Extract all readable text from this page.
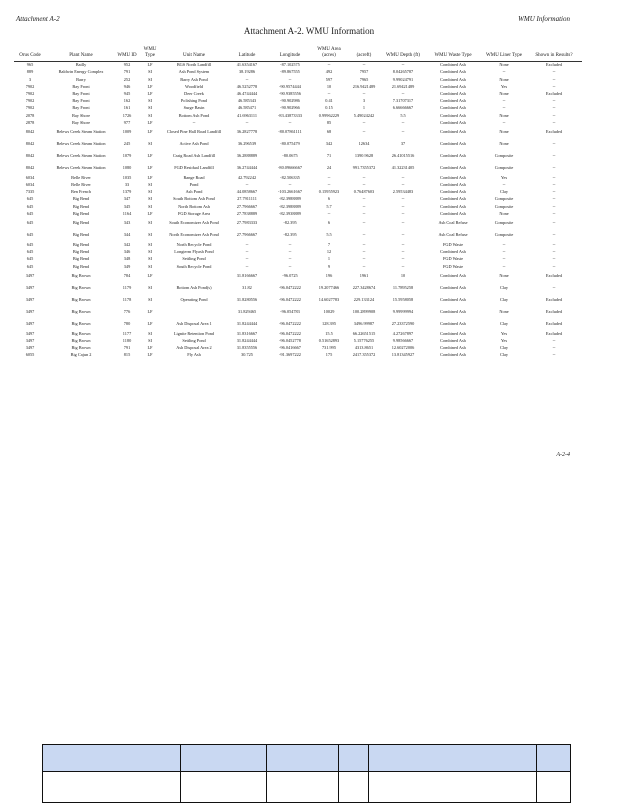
Attachment A-2	WMU Information
Attachment A-2. WMU Information
Orus Code	Plant Name	WMU ID	WMU Type	Unit Name	Latitude	Longitude	WMU Area (acres)	(acreft)	WMU Depth (ft)	WMU Waste Type	WMU Liner Type	Shown in Results?
965	Bailly	952	LF	BGS North Landfill	41.6354167	-87.102575	--	--	--	Combined Ash	None	Excluded
889	Baldwin Energy Complex	791	SI	Ash Pond System	38.19286	-89.867555	492	7957	8.04265787	Combined Ash	--	--
3	Barry	252	SI	Barry Ash Pond	--	--	597	7965	9.99024791	Combined Ash	None	--
7902	Bay Front	946	LF	Woodfield	46.5252778	-90.9574444	10	216.9421489	21.69421489	Combined Ash	Yes	--
7902	Bay Front	945	LF	Deer Creek	46.4744444	-90.9385556	--	--	--	Combined Ash	None	Excluded
7902	Bay Front	162	SI	Polishing Pond	46.585343	-90.902986	0.41	3	7.31707317	Combined Ash	--	--
7902	Bay Front	161	SI	Surge Basin	46.585471	-90.902966	0.15	1	6.66666667	Combined Ash	--	--
2078	Bay Shore	1726	SI	Bottom Ash Pond	41.6963111	-83.43873333	0.99962229	5.49024242	5.5	Combined Ash	None	--
2878	Bay Shore	977	LF	--	--	--	85	--	--	Combined Ash	--	--
8042	Belews Creek Steam Station	1009	LF	Closed Pine Hall Road Landfill	36.2827778	-80.07861111	68	--	--	Combined Ash	None	Excluded
8042	Belews Creek Steam Station	245	SI	Active Ash Pond	36.296539	-80.075479	342	12634	37	Combined Ash	None	--
8042	Belews Creek Steam Station	1079	LF	Craig Road Ash Landfill	36.2888889	-80.0675	71	1390.9628	26.41015516	Combined Ash	Composite	--
8042	Belews Creek Steam Station	1080	LF	FGD Residual Landfill	36.2744444	-80.09666667	24	991.7355372	41.32231405	Combined Ash	Composite	--
6034	Belle River	1035	LF	Range Road	42.792242	-82.506335	--	--	--	Combined Ash	Yes	--
6034	Belle River	33	SI	Pond	--	--	--	--	--	Combined Ash	--	--
7335	Ben French	1379	SI	Ash Pond	44.0858667	-103.2661667	0.15955923	0.76487603	2.59534483	Combined Ash	Clay	--
645	Big Bend	347	SI	South Bottom Ash Pond	27.7911111	-82.3988889	6	--	--	Combined Ash	Composite	--
645	Big Bend	345	SI	North Bottom Ash	27.7966667	-82.3988889	5.7	--	--	Combined Ash	Composite	--
645	Big Bend	1164	LF	FGD Storage Area	27.7838889	-82.3938889	--	--	--	Combined Ash	None	--
645	Big Bend	343	SI	South Economizer Ash Pond	27.7983333	-82.395	6	--	--	Ash Coal Refuse	Composite	--
645	Big Bend	344	SI	North Economizer Ash Pond	27.7966667	-82.395	5.5	--	--	Ash Coal Refuse	Composite	--
645	Big Bend	342	SI	North Recycle Pond	--	--	7	--	--	FGD Waste	--	--
645	Big Bend	346	SI	Longterm Flyash Pond	--	--	12	--	--	Combined Ash	--	--
645	Big Bend	348	SI	Settling Pond	--	--	1	--	--	FGD Waste	--	--
645	Big Bend	349	SI	South Recycle Pond	--	--	9	--	--	FGD Waste	--	--
3497	Big Brown	784	LF		31.8166667	-96.0725	196	1961	10	Combined Ash	None	Excluded
3497	Big Brown	1179	SI	Bottom Ash Pond(s)	31.82	-96.0472222	19.2077466	227.3428674	11.7895258	Combined Ash	Clay	--
3497	Big Brown	1178	SI	Operating Pond	31.8280556	-96.0472222	14.6027783	229.133124	15.5958058	Combined Ash	Clay	Excluded
3497	Big Brown	776	LF		31.829465	-96.054783	10029	100.2899908	9.99999994	Combined Ash	None	Excluded
3497	Big Brown	780	LF	Ash Disposal Area 1	31.8244444	-96.0472222	128.395	3496.99987	27.23372590	Combined Ash	Clay	Excluded
3497	Big Brown	1177	SI	Lignite Retention Pond	31.8316667	-96.0472222	15.5	66.22651515	4.27267897	Combined Ash	Yes	Excluded
3497	Big Brown	1180	SI	Settling Pond	31.8244444	-96.0452778	0.51652893	5.15776255	9.98566667	Combined Ash	Yes	--
3497	Big Brown	791	LF	Ash Disposal Area 2	31.8355556	-96.0416667	731.995	4313.8651	12.60272006	Combined Ash	Clay	--
6055	Big Cajun 2	815	LF	Fly Ash	30.725	-91.3697222	175	2417.355372	13.81345927	Combined Ash	Clay	--
A-2-4
